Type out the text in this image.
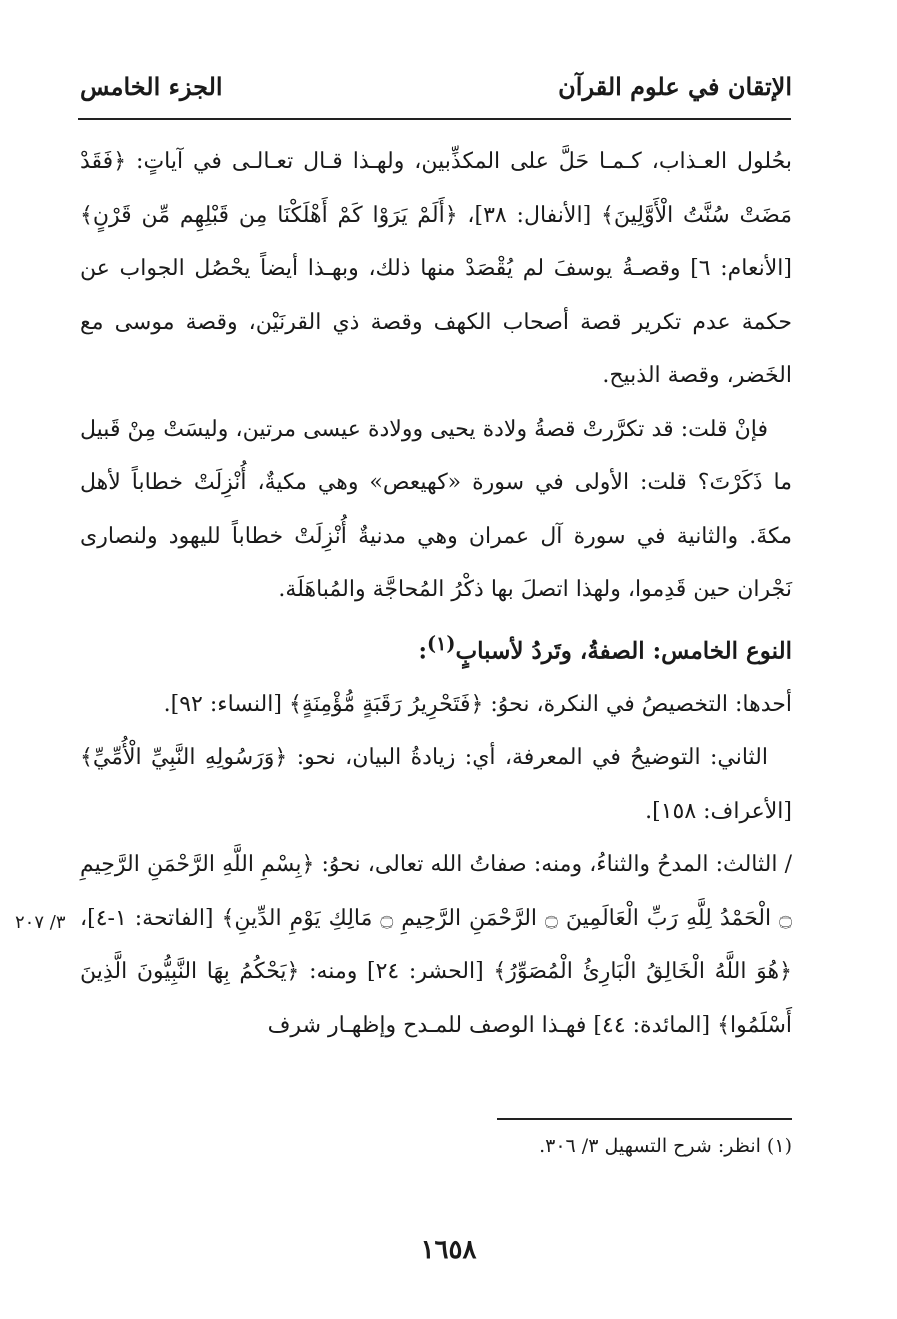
الإتقان في علوم القرآن
الجزء الخامس

بحُلول العـذاب، كـمـا حَلَّ على المكذِّبين، ولهـذا قـال تعـالـى في آياتٍ: ﴿فَقَدْ مَضَتْ سُنَّتُ الْأَوَّلِينَ﴾ [الأنفال: ٣٨]، ﴿أَلَمْ يَرَوْا كَمْ أَهْلَكْنَا مِن قَبْلِهِم مِّن قَرْنٍ﴾ [الأنعام: ٦] وقصـةُ يوسفَ لم يُقْصَدْ منها ذلك، وبهـذا أيضاً يحْصُل الجواب عن حكمة عدم تكرير قصة أصحاب الكهف وقصة ذي القرنَيْن، وقصة موسى مع الخَضر، وقصة الذبيح.

فإنْ قلت: قد تكرَّرتْ قصةُ ولادة يحيى وولادة عيسى مرتين، وليسَتْ مِنْ قَبيل ما ذَكَرْتَ؟ قلت: الأولى في سورة «كهيعص» وهي مكيةٌ، أُنْزِلَتْ خطاباً لأهل مكةَ. والثانية في سورة آل عمران وهي مدنيةٌ أُنْزِلَتْ خطاباً لليهود ولنصارى نَجْران حين قَدِموا، ولهذا اتصلَ بها ذكْرُ المُحاجَّة والمُباهَلَة.

النوع الخامس: الصفةُ، وتَردُ لأسبابٍ$^{(١)}$:

أحدها: التخصيصُ في النكرة، نحوُ: ﴿فَتَحْرِيرُ رَقَبَةٍ مُّؤْمِنَةٍ﴾ [النساء: ٩٢].

الثاني: التوضيحُ في المعرفة، أي: زيادةُ البيان، نحو: ﴿وَرَسُولِهِ النَّبِيِّ الْأُمِّيِّ﴾ [الأعراف: ١٥٨].

/ الثالث: المدحُ والثناءُ، ومنه: صفاتُ الله تعالى، نحوُ: ﴿بِسْمِ اللَّهِ الرَّحْمَنِ الرَّحِيمِ ۝ الْحَمْدُ لِلَّهِ رَبِّ الْعَالَمِينَ ۝ الرَّحْمَنِ الرَّحِيمِ ۝ مَالِكِ يَوْمِ الدِّينِ﴾ [الفاتحة: ١-٤]، ﴿هُوَ اللَّهُ الْخَالِقُ الْبَارِئُ الْمُصَوِّرُ﴾ [الحشر: ٢٤] ومنه: ﴿يَحْكُمُ بِهَا النَّبِيُّونَ الَّذِينَ أَسْلَمُوا﴾ [المائدة: ٤٤] فهـذا الوصف للمـدح وإظهـار شرف

٣/ ٢٠٧
(١) انظر: شرح التسهيل ٣/ ٣٠٦.
١٦٥٨
